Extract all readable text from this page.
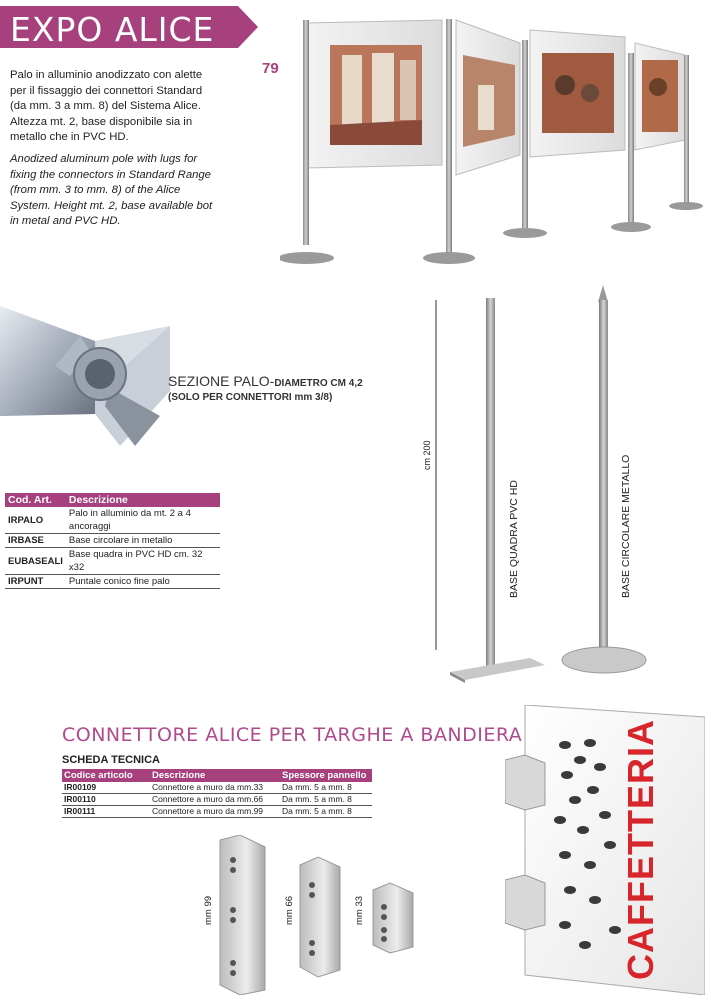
EXPO ALICE
79
Palo in alluminio anodizzato con alette per il fissaggio dei connettori Standard (da mm. 3 a mm. 8) del Sistema Alice. Altezza mt. 2, base disponibile sia in metallo che in PVC HD.
Anodized aluminum pole with lugs for fixing the connectors in Standard Range (from mm. 3 to mm. 8) of the Alice System. Height mt. 2, base available bot in metal and PVC HD.
SEZIONE PALO-DIAMETRO CM 4,2
(SOLO PER CONNETTORI mm 3/8)
Cod. Art.	Descrizione
IRPALO	Palo in alluminio da mt. 2 a 4 ancoraggi
IRBASE	Base circolare in metallo
EUBASEALI	Base quadra in PVC HD cm. 32 x32
IRPUNT	Puntale conico fine palo
cm 200
BASE QUADRA PVC HD	BASE CIRCOLARE METALLO
CONNETTORE ALICE PER TARGHE A BANDIERA
SCHEDA TECNICA
Codice articolo	Descrizione	Spessore pannello
IR00109	Connettore a muro da mm.33	Da mm. 5 a mm. 8
IR00110	Connettore a muro da mm.66	Da mm. 5 a mm. 8
IR00111	Connettore a muro da mm.99	Da mm. 5 a mm. 8
mm 99	mm 66	mm 33	CAFFETTERIA
